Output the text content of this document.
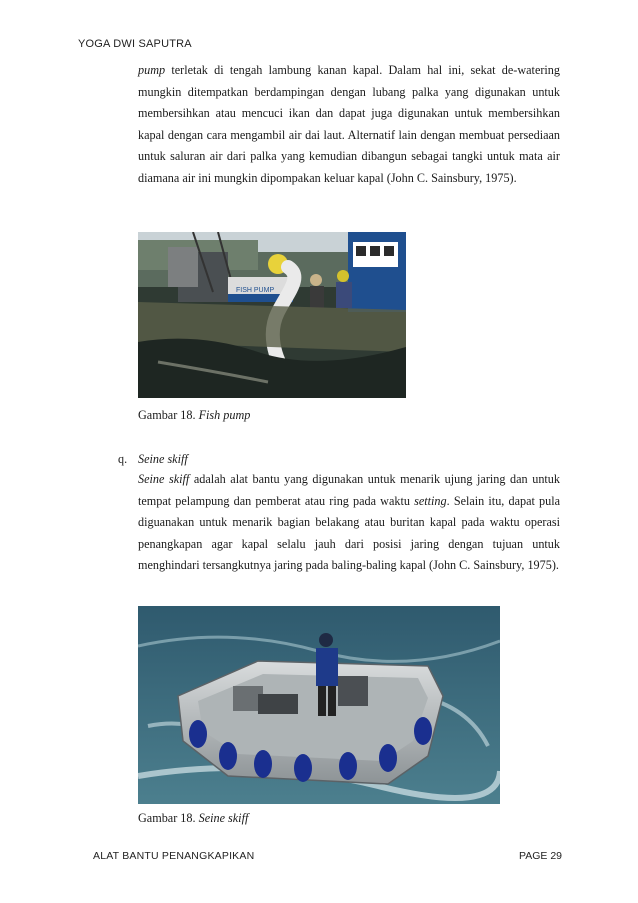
YOGA DWI SAPUTRA

pump terletak di tengah lambung kanan kapal. Dalam hal ini, sekat de-watering mungkin ditempatkan berdampingan dengan lubang palka yang digunakan untuk membersihkan atau mencuci ikan dan dapat juga digunakan untuk membersihkan kapal dengan cara mengambil air dai laut. Alternatif lain dengan membuat persediaan untuk saluran air dari palka yang kemudian dibangun sebagai tangki untuk mata air diamana air ini mungkin dipompakan keluar kapal (John C. Sainsbury, 1975).

FISH PUMP
Gambar 18. Fish pump
q. Seine skiff

Seine skiff adalah alat bantu yang digunakan untuk menarik ujung jaring dan untuk tempat pelampung dan pemberat atau ring pada waktu setting. Selain itu, dapat pula diguanakan untuk menarik bagian belakang atau buritan kapal pada waktu operasi penangkapan agar kapal selalu jauh dari posisi jaring dengan tujuan untuk menghindari tersangkutnya jaring pada baling-baling kapal (John C. Sainsbury, 1975).

Gambar 18. Seine skiff
ALAT BANTU PENANGKAPIKAN	PAGE 29
